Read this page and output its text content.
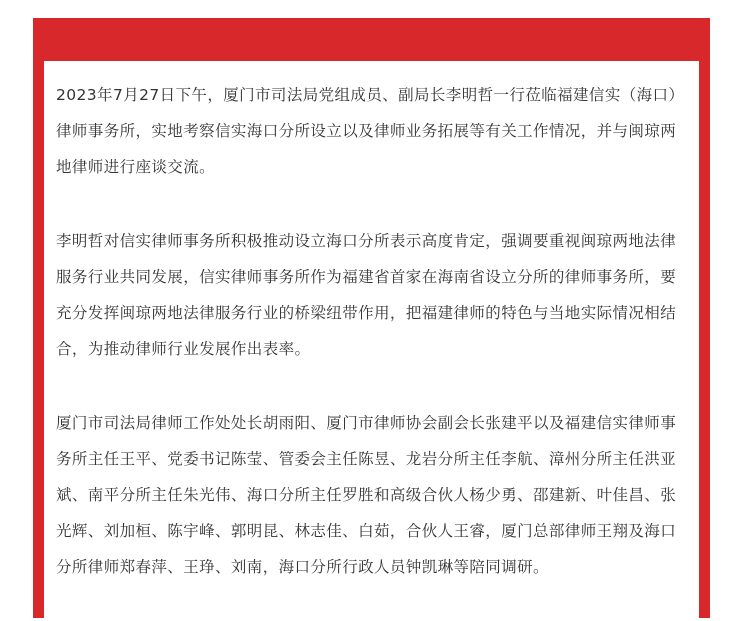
2023年7月27日下午，厦门市司法局党组成员、副局长李明哲一行莅临福建信实（海口）律师事务所，实地考察信实海口分所设立以及律师业务拓展等有关工作情况，并与闽琼两地律师进行座谈交流。

李明哲对信实律师事务所积极推动设立海口分所表示高度肯定，强调要重视闽琼两地法律服务行业共同发展，信实律师事务所作为福建省首家在海南省设立分所的律师事务所，要充分发挥闽琼两地法律服务行业的桥梁纽带作用，把福建律师的特色与当地实际情况相结合，为推动律师行业发展作出表率。

厦门市司法局律师工作处处长胡雨阳、厦门市律师协会副会长张建平以及福建信实律师事务所主任王平、党委书记陈莹、管委会主任陈昱、龙岩分所主任李航、漳州分所主任洪亚斌、南平分所主任朱光伟、海口分所主任罗胜和高级合伙人杨少勇、邵建新、叶佳昌、张光辉、刘加桓、陈宇峰、郭明昆、林志佳、白茹，合伙人王睿，厦门总部律师王翔及海口分所律师郑春萍、王琤、刘南，海口分所行政人员钟凯琳等陪同调研。
